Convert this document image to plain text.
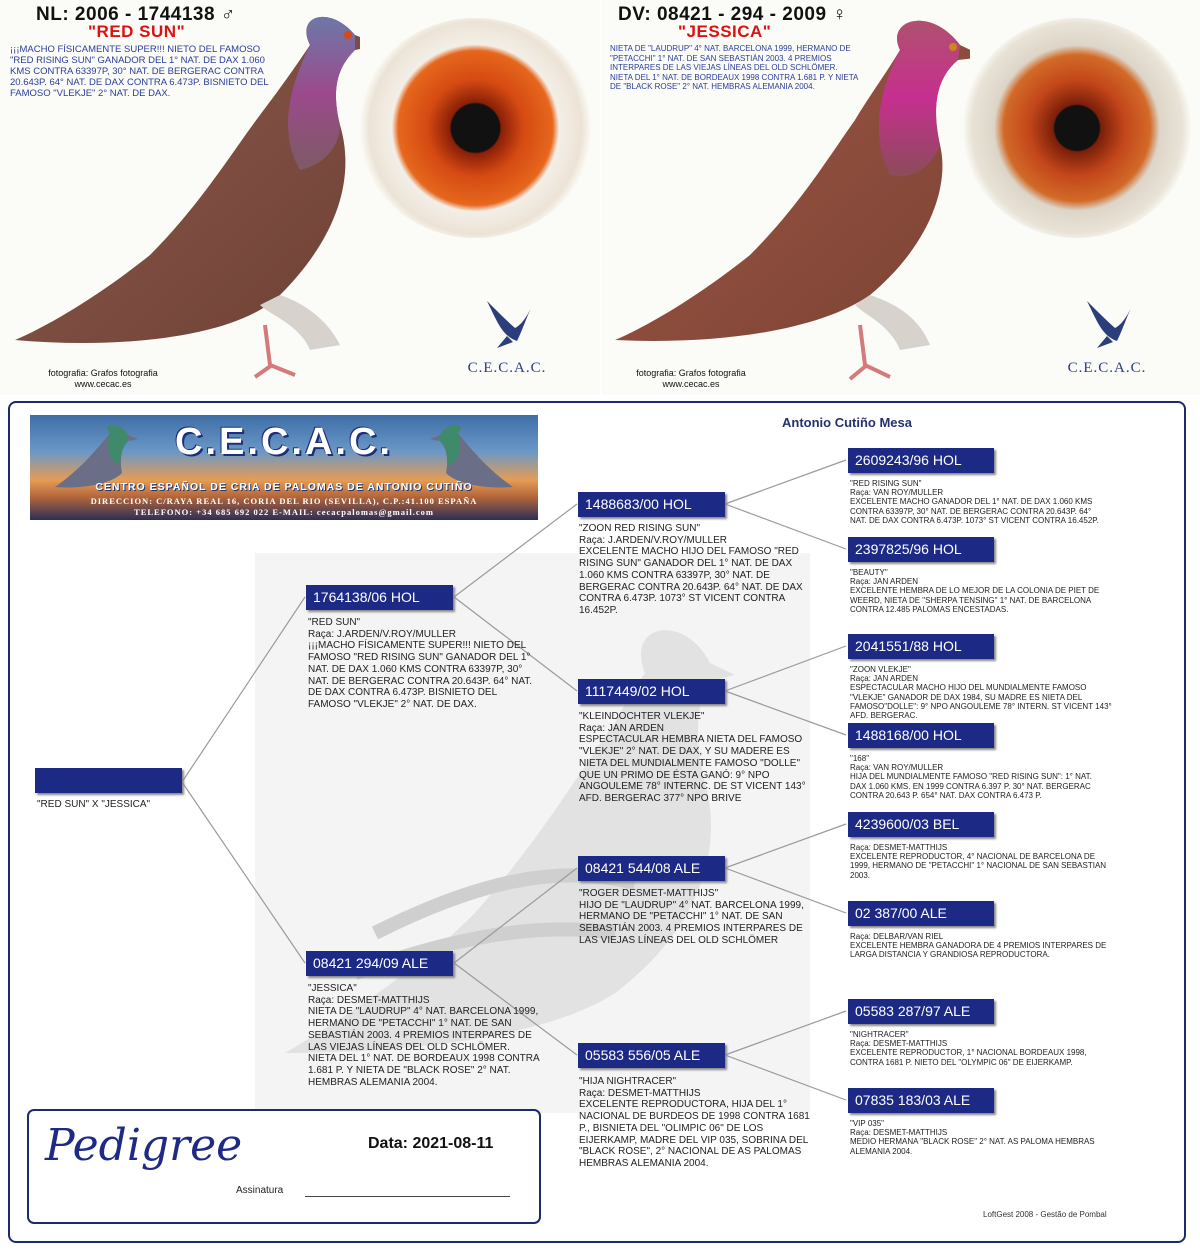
NL: 2006 - 1744138 ♂
"RED SUN"
¡¡¡MACHO FÍSICAMENTE SUPER!!! NIETO DEL FAMOSO "RED RISING SUN" GANADOR DEL 1° NAT. DE DAX 1.060 KMS CONTRA 63397P, 30° NAT. DE BERGERAC CONTRA 20.643P. 64° NAT. DE DAX CONTRA 6.473P. BISNIETO DEL FAMOSO "VLEKJE" 2° NAT. DE DAX.
C.E.C.A.C.
fotografia: Grafos fotografia
www.cecac.es
DV: 08421 - 294 - 2009 ♀
"JESSICA"
NIETA DE "LAUDRUP" 4° NAT. BARCELONA 1999, HERMANO DE "PETACCHI" 1° NAT. DE SAN SEBASTIÁN 2003. 4 PREMIOS INTERPARES DE LAS VIEJAS LÍNEAS DEL OLD SCHLÖMER. NIETA DEL 1° NAT. DE BORDEAUX 1998 CONTRA 1.681 P. Y NIETA DE "BLACK ROSE" 2° NAT. HEMBRAS ALEMANIA 2004.
C.E.C.A.C.
fotografia: Grafos fotografia
www.cecac.es
Antonio Cutiño Mesa
C.E.C.A.C.
CENTRO ESPAÑOL DE CRIA DE PALOMAS DE ANTONIO CUTIÑO
DIRECCION: C/RAYA REAL 16, CORIA DEL RIO (SEVILLA), C.P.:41.100 ESPAÑA
TELEFONO: +34 685 692 022 E-MAIL: cecacpalomas@gmail.com
"RED SUN" X "JESSICA"
1764138/06 HOL
"RED SUN"
Raça: J.ARDEN/V.ROY/MULLER
¡¡¡MACHO FÍSICAMENTE SUPER!!! NIETO DEL FAMOSO "RED RISING SUN" GANADOR DEL 1° NAT. DE DAX 1.060 KMS CONTRA 63397P, 30° NAT. DE BERGERAC CONTRA 20.643P. 64° NAT. DE DAX CONTRA 6.473P. BISNIETO DEL FAMOSO "VLEKJE" 2° NAT. DE DAX.
08421 294/09 ALE
"JESSICA"
Raça: DESMET-MATTHIJS
NIETA DE "LAUDRUP" 4° NAT. BARCELONA 1999, HERMANO DE "PETACCHI" 1° NAT. DE SAN SEBASTIÁN 2003. 4 PREMIOS INTERPARES DE LAS VIEJAS LÍNEAS DEL OLD SCHLÖMER. NIETA DEL 1° NAT. DE BORDEAUX 1998 CONTRA 1.681 P. Y NIETA DE "BLACK ROSE" 2° NAT. HEMBRAS ALEMANIA 2004.
1488683/00 HOL
"ZOON RED RISING SUN"
Raça: J.ARDEN/V.ROY/MULLER
EXCELENTE MACHO HIJO DEL FAMOSO "RED RISING SUN" GANADOR DEL 1° NAT. DE DAX 1.060 KMS CONTRA 63397P, 30° NAT. DE BERGERAC CONTRA 20.643P. 64° NAT. DE DAX CONTRA 6.473P. 1073° ST VICENT CONTRA 16.452P.
1117449/02 HOL
"KLEINDOCHTER VLEKJE"
Raça: JAN ARDEN
ESPECTACULAR HEMBRA NIETA DEL FAMOSO "VLEKJE" 2° NAT. DE DAX, Y SU MADERE ES NIETA DEL MUNDIALMENTE FAMOSO "DOLLE" QUE UN PRIMO DE ÉSTA GANÓ: 9° NPO ANGOULEME 78° INTERNC. DE ST VICENT 143° AFD. BERGERAC 377° NPO BRIVE
08421 544/08 ALE
"ROGER DESMET-MATTHIJS"
HIJO DE "LAUDRUP" 4° NAT. BARCELONA 1999, HERMANO DE "PETACCHI" 1° NAT. DE SAN SEBASTIÁN 2003. 4 PREMIOS INTERPARES DE LAS VIEJAS LÍNEAS DEL OLD SCHLÖMER
05583 556/05 ALE
"HIJA NIGHTRACER"
Raça: DESMET-MATTHIJS
EXCELENTE REPRODUCTORA, HIJA DEL 1° NACIONAL DE BURDEOS DE 1998 CONTRA 1681 P., BISNIETA DEL "OLIMPIC 06" DE LOS EIJERKAMP, MADRE DEL VIP 035, SOBRINA DEL "BLACK ROSE", 2° NACIONAL DE AS PALOMAS HEMBRAS ALEMANIA 2004.
2609243/96 HOL
"RED RISING SUN"
Raça: VAN ROY/MULLER
EXCELENTE MACHO GANADOR DEL 1° NAT. DE DAX 1.060 KMS CONTRA 63397P, 30° NAT. DE BERGERAC CONTRA 20.643P. 64° NAT. DE DAX CONTRA 6.473P. 1073° ST VICENT CONTRA 16.452P.
2397825/96 HOL
"BEAUTY"
Raça: JAN ARDEN
EXCELENTE HEMBRA DE LO MEJOR DE LA COLONIA DE PIET DE WEERD, NIETA DE "SHERPA TENSING" 1° NAT. DE BARCELONA CONTRA 12.485 PALOMAS ENCESTADAS.
2041551/88 HOL
"ZOON VLEKJE"
Raça: JAN ARDEN
ESPECTACULAR MACHO HIJO DEL MUNDIALMENTE FAMOSO "VLEKJE" GANADOR DE DAX 1984, SU MADRE ES NIETA DEL FAMOSO"DOLLE": 9° NPO ANGOULEME 78° INTERN. ST VICENT 143° AFD. BERGERAC.
1488168/00 HOL
"168"
Raça: VAN ROY/MULLER
HIJA DEL MUNDIALMENTE FAMOSO "RED RISING SUN": 1° NAT. DAX 1.060 KMS. EN 1999 CONTRA 6.397 P. 30° NAT. BERGERAC CONTRA 20.643 P. 654° NAT. DAX CONTRA 6.473 P.
4239600/03 BEL
Raça: DESMET-MATTHIJS
EXCELENTE REPRODUCTOR, 4° NACIONAL DE BARCELONA DE 1999, HERMANO DE "PETACCHI" 1° NACIONAL DE SAN SEBASTIAN 2003.
02 387/00 ALE
Raça: DELBAR/VAN RIEL
EXCELENTE HEMBRA GANADORA DE 4 PREMIOS INTERPARES DE LARGA DISTANCIA Y GRANDIOSA REPRODUCTORA.
05583 287/97 ALE
"NIGHTRACER"
Raça: DESMET-MATTHIJS
EXCELENTE REPRODUCTOR, 1° NACIONAL BORDEAUX 1998, CONTRA 1681 P. NIETO DEL "OLYMPIC 06" DE EIJERKAMP.
07835 183/03 ALE
"VIP 035"
Raça: DESMET-MATTHIJS
MEDIO HERMANA "BLACK ROSE" 2° NAT. AS PALOMA HEMBRAS ALEMANIA 2004.
Pedigree	Data: 2021-08-11
Assinatura
LoftGest 2008 - Gestão de Pombal
